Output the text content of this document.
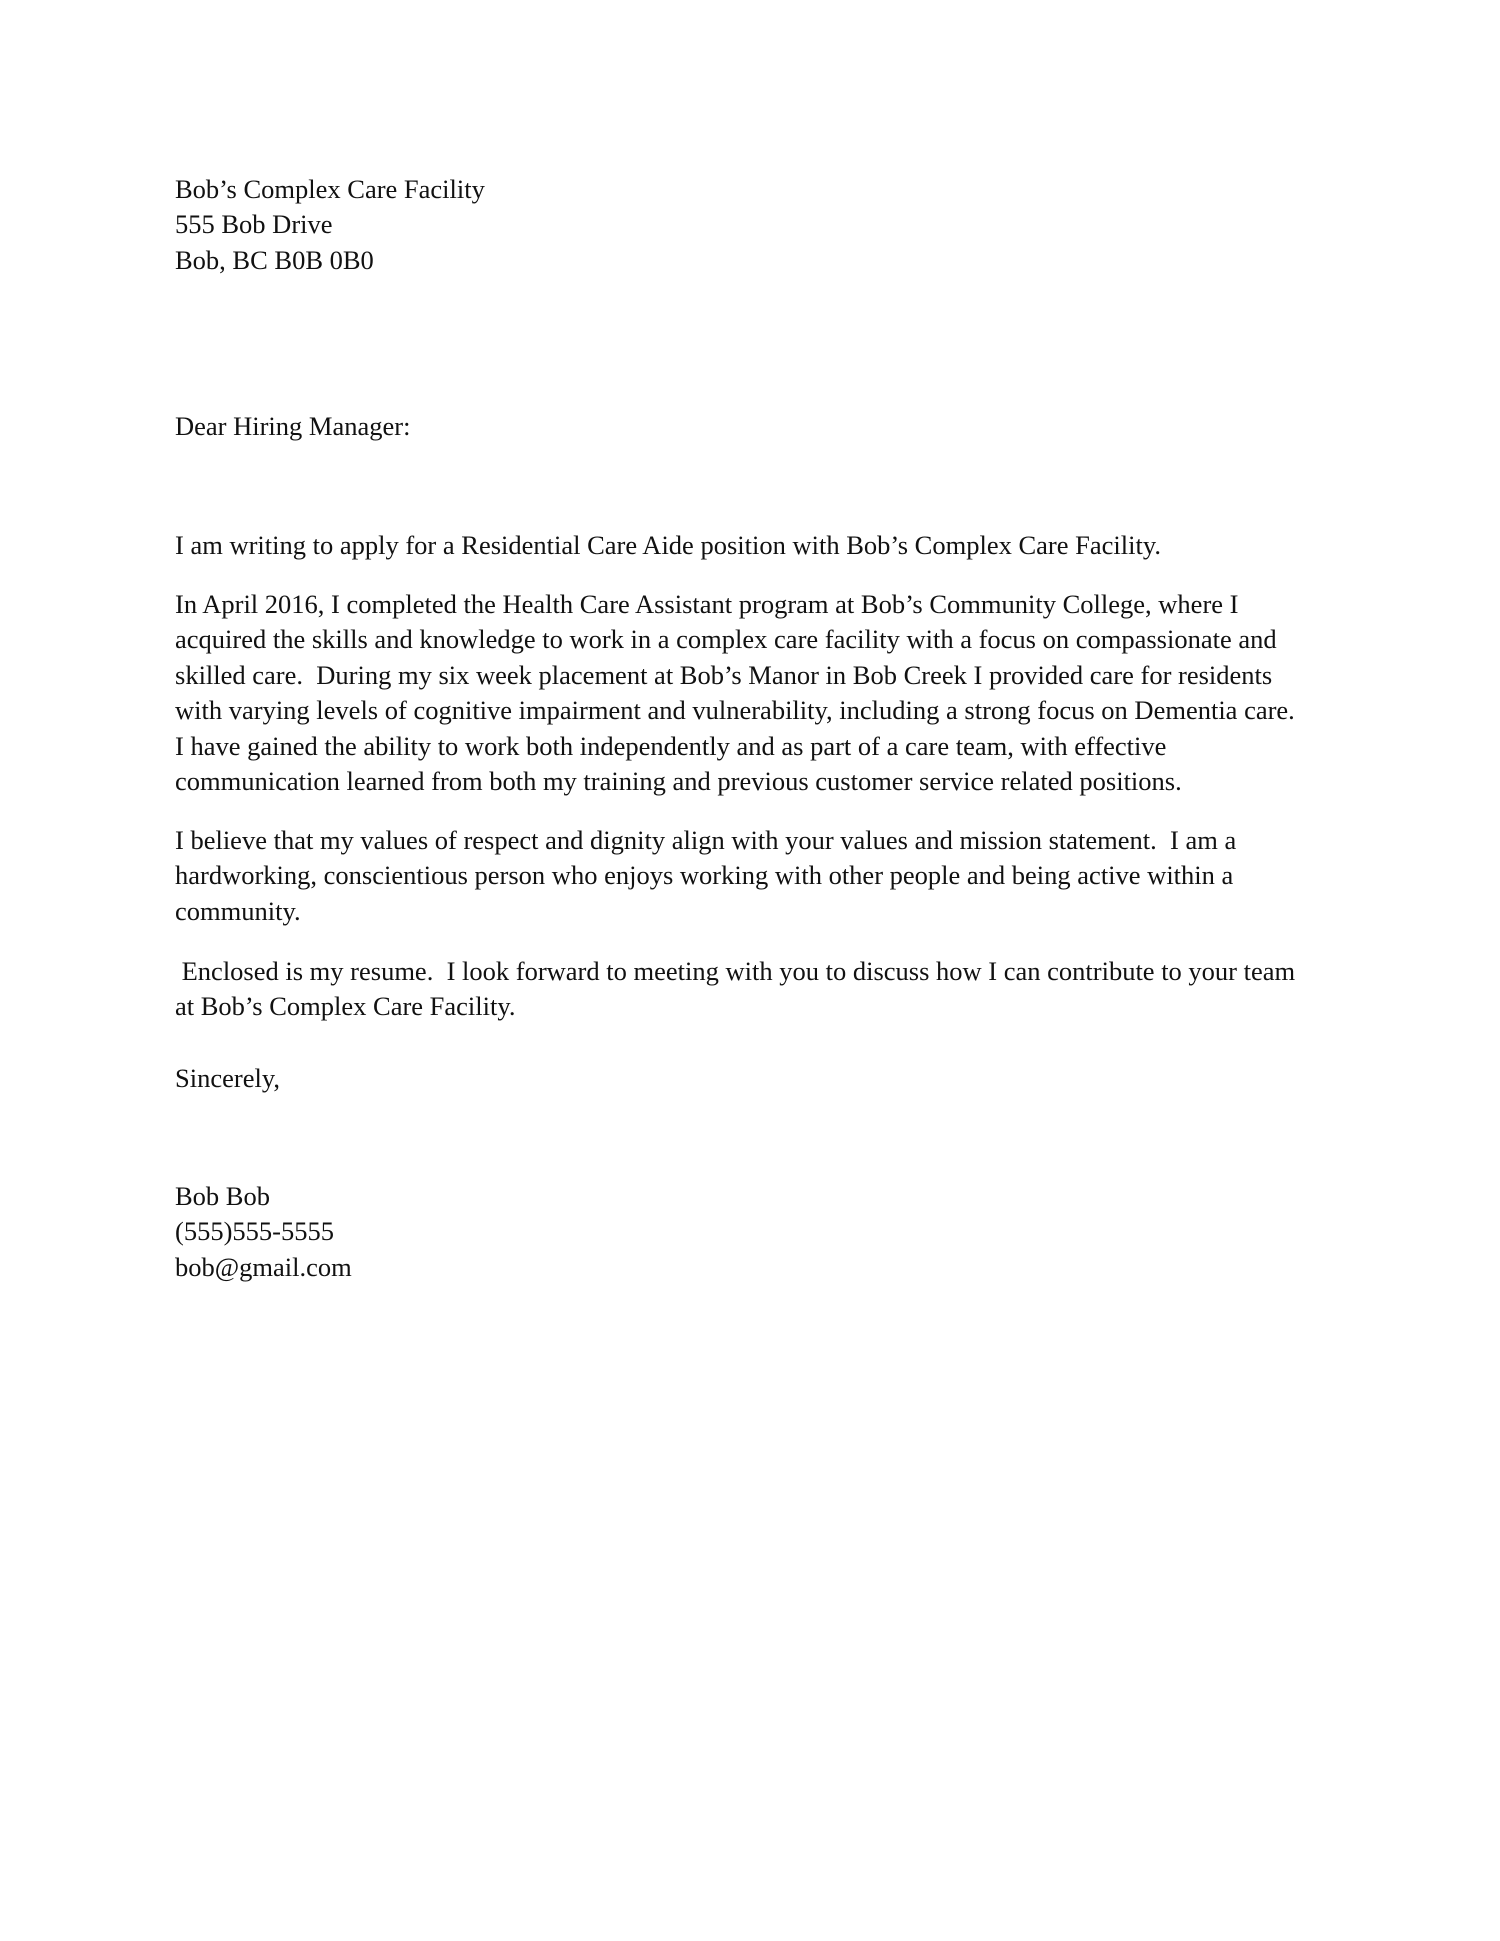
Bob’s Complex Care Facility
555 Bob Drive
Bob, BC B0B 0B0
Dear Hiring Manager:
I am writing to apply for a Residential Care Aide position with Bob’s Complex Care Facility.
In April 2016, I completed the Health Care Assistant program at Bob’s Community College, where I
acquired the skills and knowledge to work in a complex care facility with a focus on compassionate and
skilled care.  During my six week placement at Bob’s Manor in Bob Creek I provided care for residents
with varying levels of cognitive impairment and vulnerability, including a strong focus on Dementia care.
I have gained the ability to work both independently and as part of a care team, with effective
communication learned from both my training and previous customer service related positions.
I believe that my values of respect and dignity align with your values and mission statement.  I am a
hardworking, conscientious person who enjoys working with other people and being active within a
community.
Enclosed is my resume.  I look forward to meeting with you to discuss how I can contribute to your team
at Bob’s Complex Care Facility.
Sincerely,
Bob Bob
(555)555-5555
bob@gmail.com
